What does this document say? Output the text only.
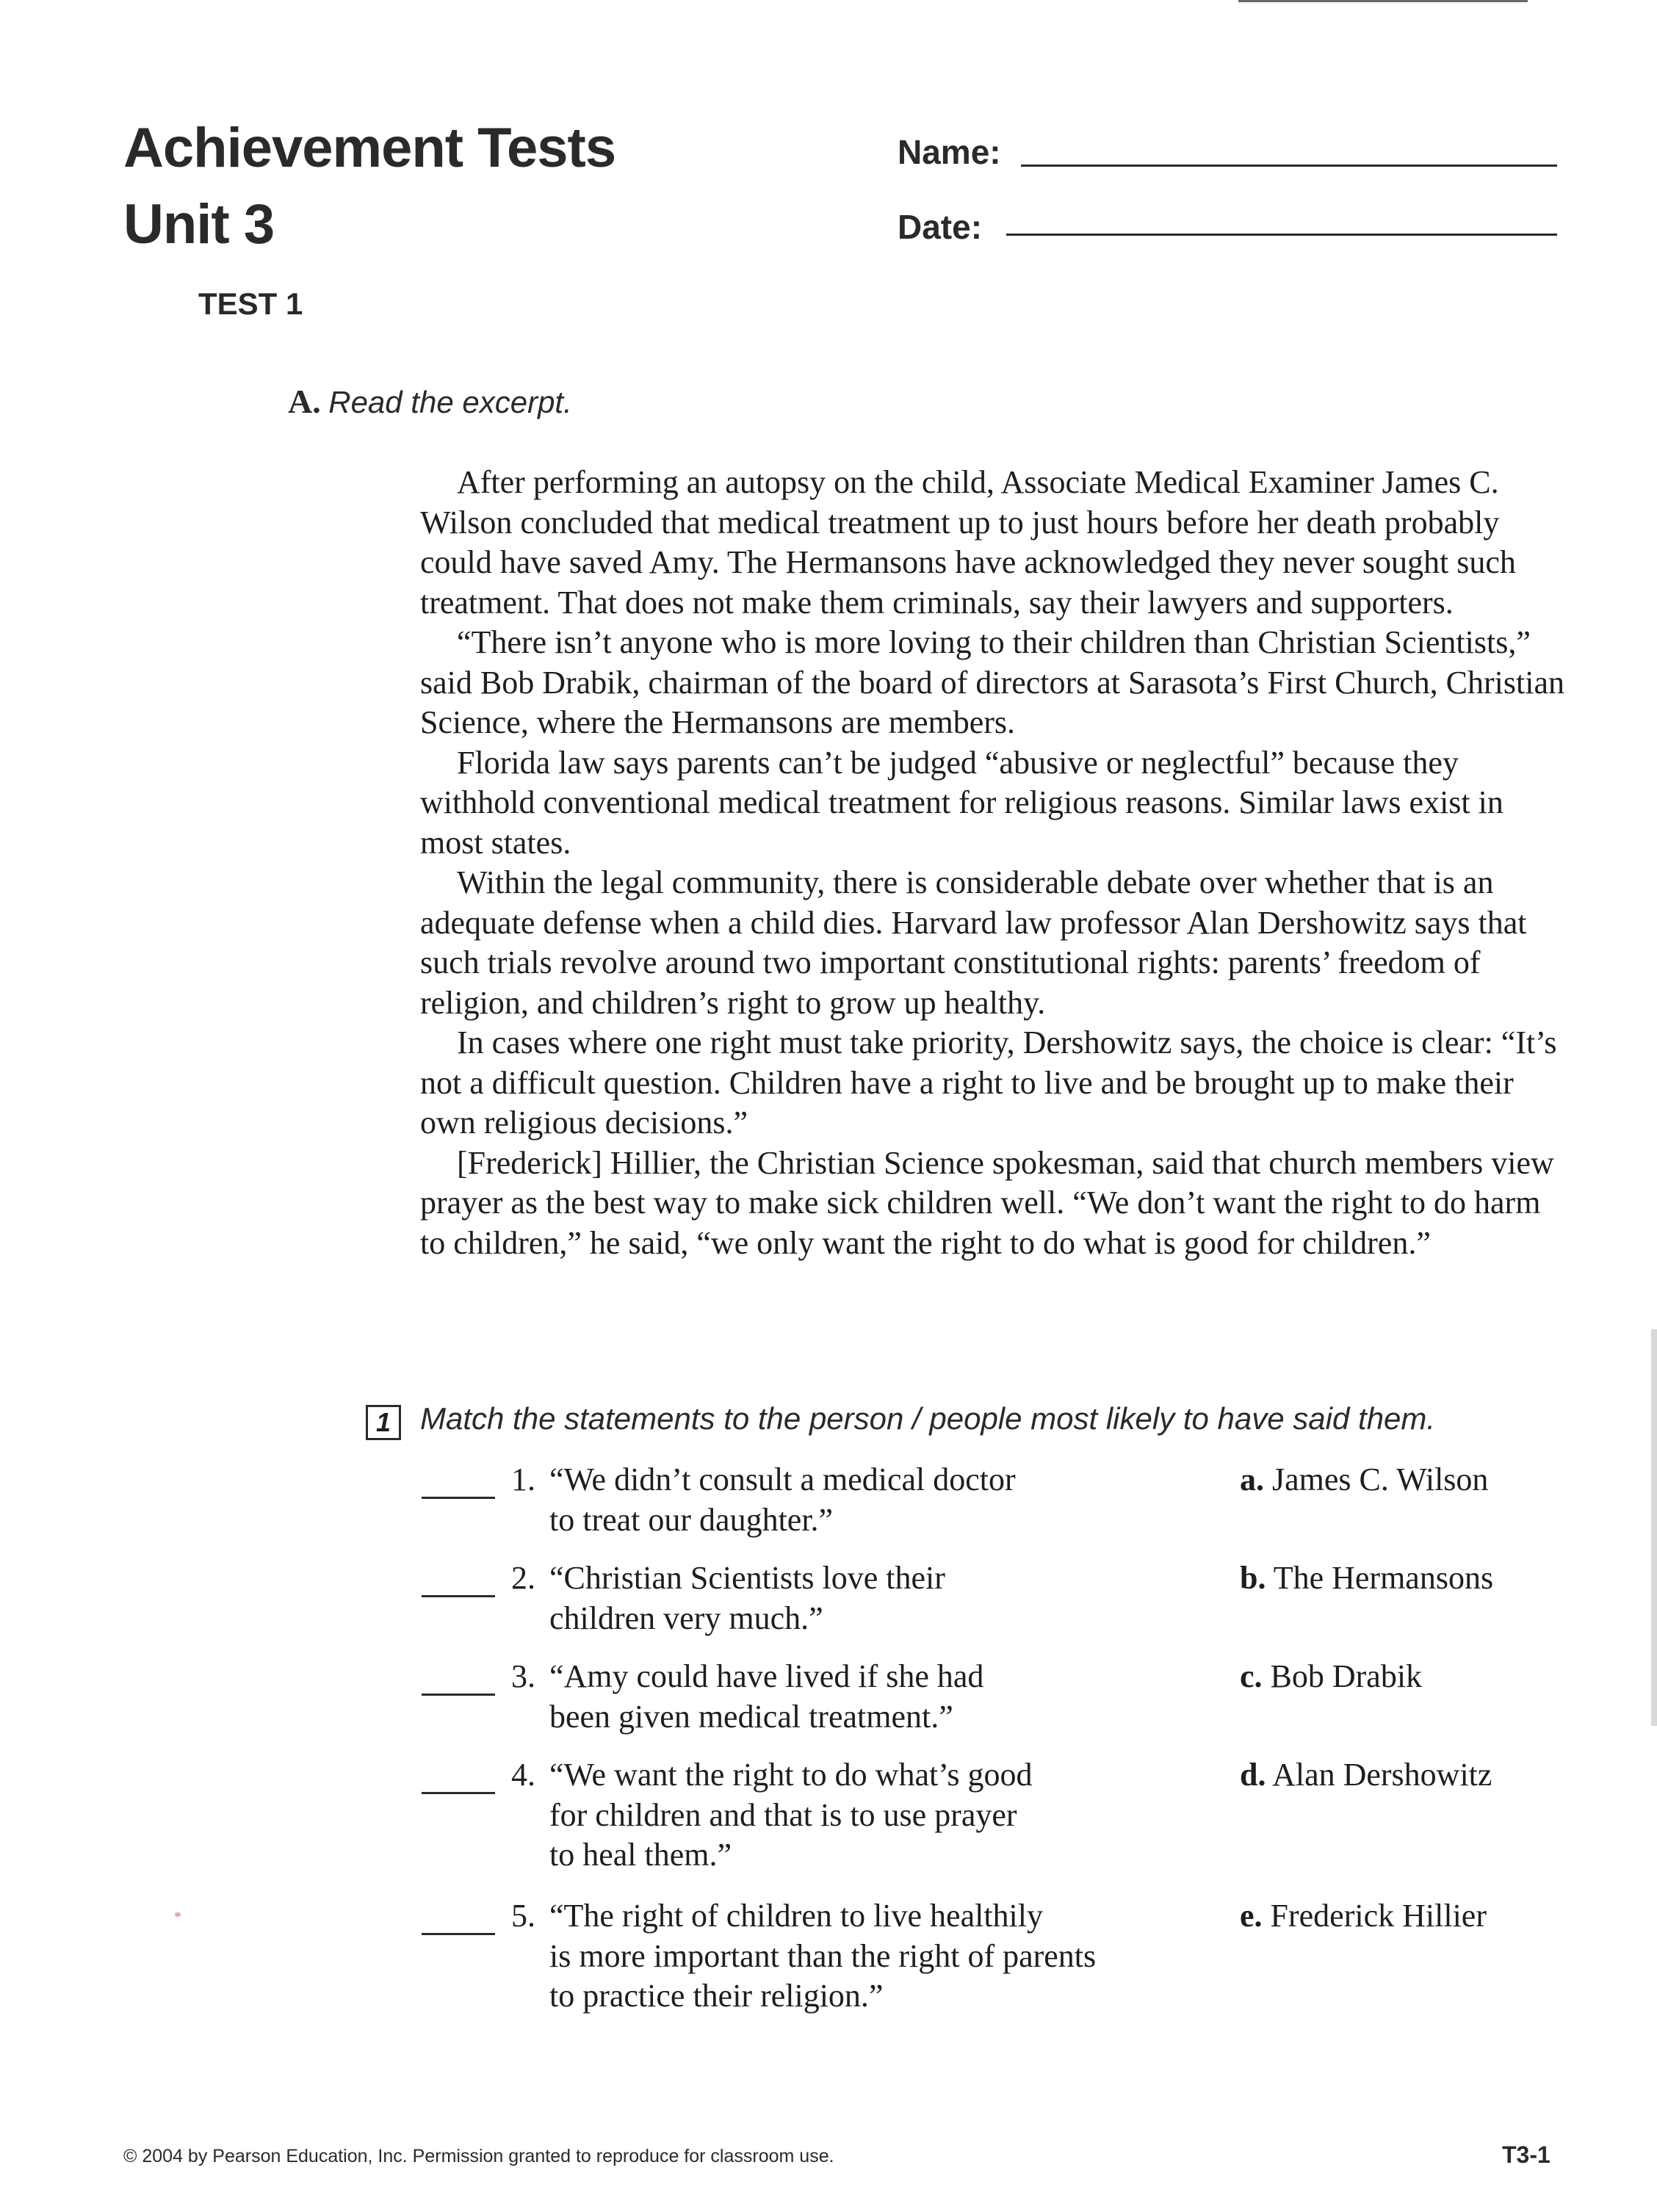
Achievement Tests
Unit 3
Name:
Date:
TEST 1
A. Read the excerpt.

After performing an autopsy on the child, Associate Medical Examiner James C. Wilson concluded that medical treatment up to just hours before her death probably could have saved Amy. The Hermansons have acknowledged they never sought such treatment. That does not make them criminals, say their lawyers and supporters.

“There isn’t anyone who is more loving to their children than Christian Scientists,” said Bob Drabik, chairman of the board of directors at Sarasota’s First Church, Christian Science, where the Hermansons are members.

Florida law says parents can’t be judged “abusive or neglectful” because they withhold conventional medical treatment for religious reasons. Similar laws exist in most states.

Within the legal community, there is considerable debate over whether that is an adequate defense when a child dies. Harvard law professor Alan Dershowitz says that such trials revolve around two important constitutional rights: parents’ freedom of religion, and children’s right to grow up healthy.

In cases where one right must take priority, Dershowitz says, the choice is clear: “It’s not a difficult question. Children have a right to live and be brought up to make their own religious decisions.”

[Frederick] Hillier, the Christian Science spokesman, said that church members view prayer as the best way to make sick children well. “We don’t want the right to do harm to children,” he said, “we only want the right to do what is good for children.”

1 Match the statements to the person / people most likely to have said them.
1. “We didn’t consult a medical doctor
to treat our daughter.”
2. “Christian Scientists love their
children very much.”
3. “Amy could have lived if she had
been given medical treatment.”
4. “We want the right to do what’s good
for children and that is to use prayer
to heal them.”
5. “The right of children to live healthily
is more important than the right of parents
to practice their religion.”
a. James C. Wilson
b. The Hermansons
c. Bob Drabik
d. Alan Dershowitz
e. Frederick Hillier
© 2004 by Pearson Education, Inc. Permission granted to reproduce for classroom use.	T3-1
